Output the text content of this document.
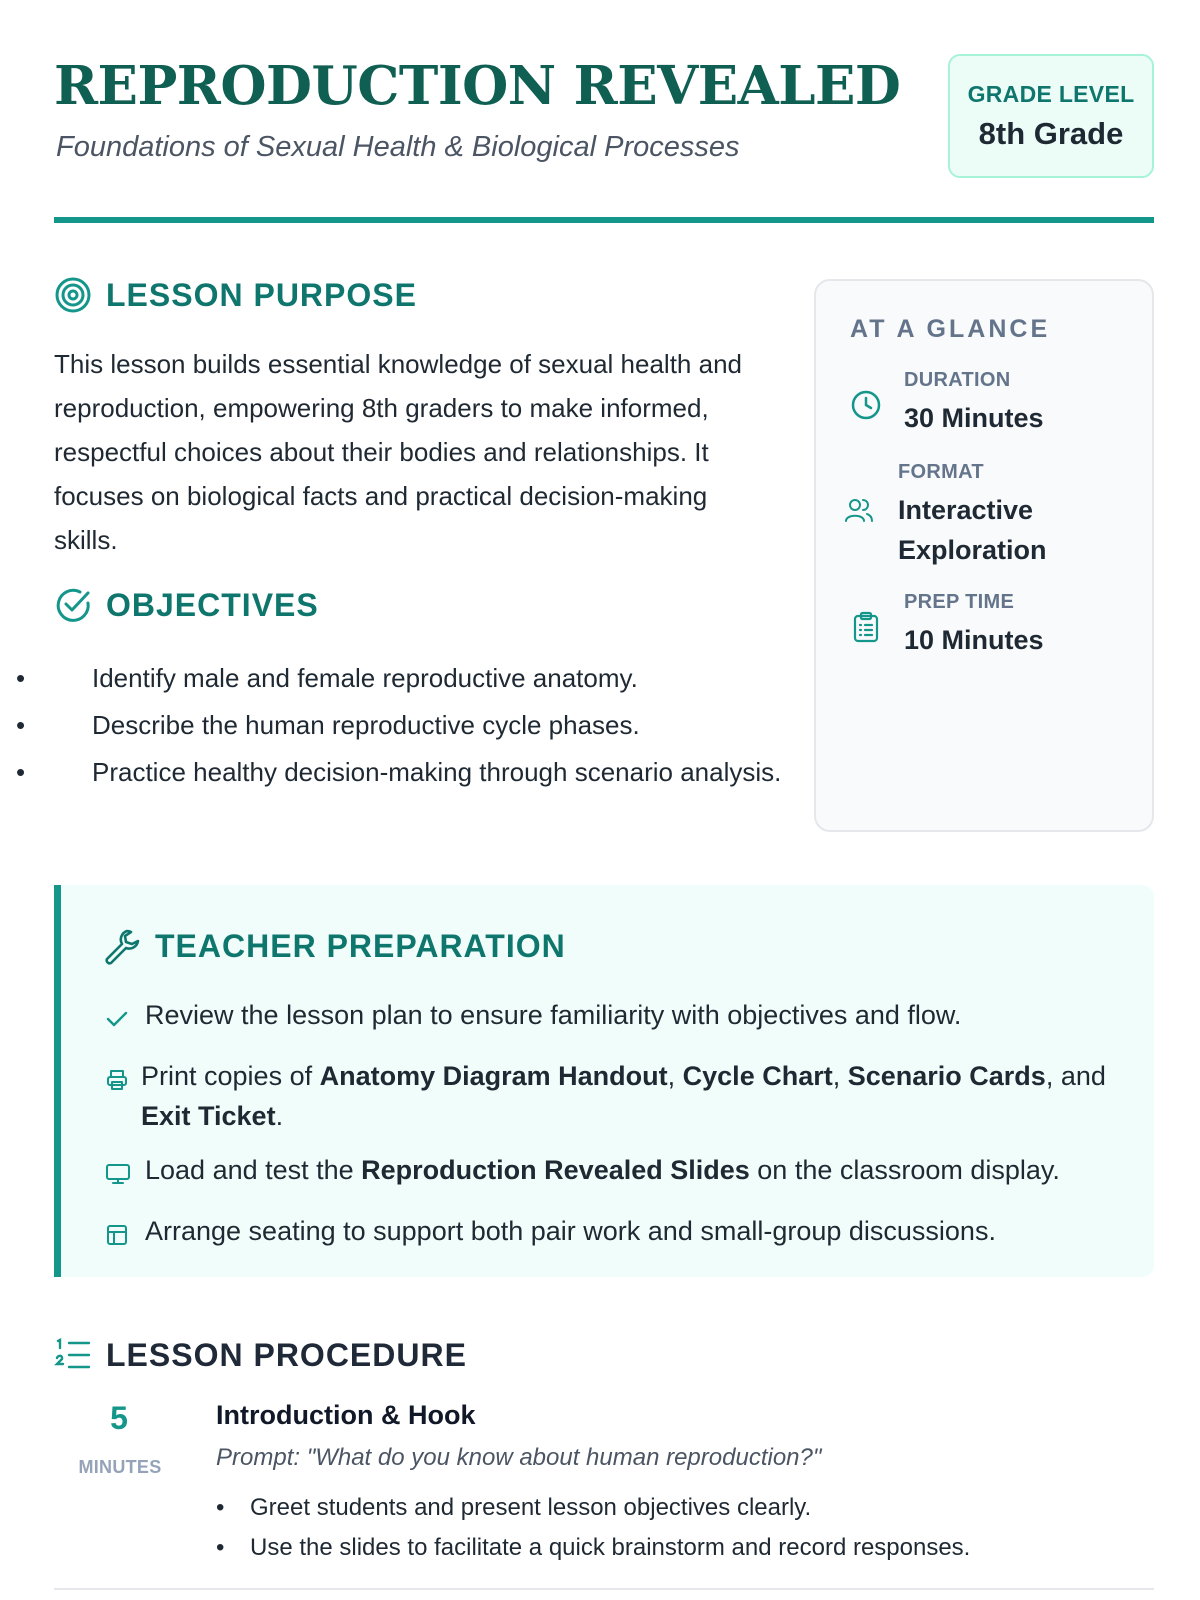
REPRODUCTION REVEALED
Foundations of Sexual Health & Biological Processes
GRADE LEVEL
8th Grade
LESSON PURPOSE

This lesson builds essential knowledge of sexual health and reproduction, empowering 8th graders to make informed, respectful choices about their bodies and relationships. It focuses on biological facts and practical decision-making skills.

OBJECTIVES
• Identify male and female reproductive anatomy.
• Describe the human reproductive cycle phases.
• Practice healthy decision-making through scenario analysis.
AT A GLANCE
DURATION
30 Minutes
FORMAT
Interactive Exploration
PREP TIME
10 Minutes
TEACHER PREPARATION
Review the lesson plan to ensure familiarity with objectives and flow.
Print copies of Anatomy Diagram Handout, Cycle Chart, Scenario Cards, and Exit Ticket.
Load and test the Reproduction Revealed Slides on the classroom display.
Arrange seating to support both pair work and small-group discussions.
LESSON PROCEDURE
5
MINUTES
Introduction & Hook
Prompt: "What do you know about human reproduction?"
• Greet students and present lesson objectives clearly.
• Use the slides to facilitate a quick brainstorm and record responses.
